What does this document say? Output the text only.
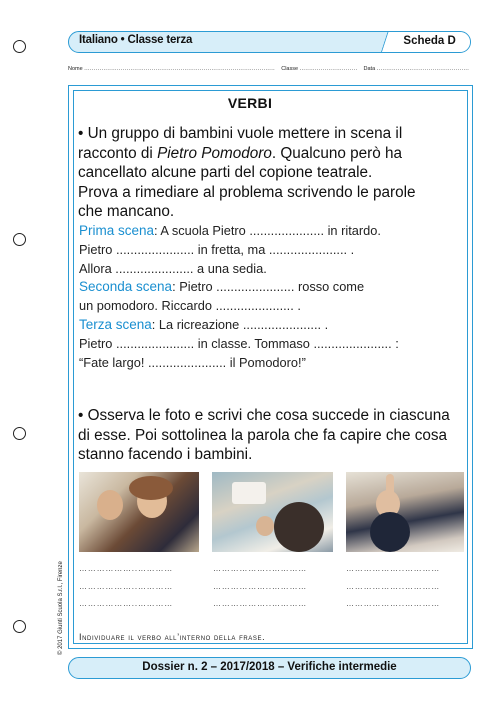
Italiano • Classe terza	Scheda D
Nome ................................................................................................... Classe .............................. Data ................................................
VERBI
• Un gruppo di bambini vuole mettere in scena il
racconto di Pietro Pomodoro. Qualcuno però ha
cancellato alcune parti del copione teatrale.
Prova a rimediare al problema scrivendo le parole
che mancano.
Prima scena: A scuola Pietro ..................... in ritardo.
Pietro ...................... in fretta, ma ...................... .
Allora ...................... a una sedia.
Seconda scena: Pietro ...................... rosso come
un pomodoro. Riccardo ...................... .
Terza scena: La ricreazione ...................... .
Pietro ...................... in classe. Tommaso ...................... :
“Fate largo! ...................... il Pomodoro!”
• Osserva le foto e scrivi che cosa succede in ciascuna
di esse. Poi sottolinea la parola che fa capire che cosa
stanno facendo i bambini.
………………..…………
………………..…………
………………..…………
………………..…………
………………..…………
………………..…………
………………..…………
………………..…………
………………..…………
Individuare il verbo all’interno della frase.
© 2017 Giunti Scuola S.r.l., Firenze
Dossier n. 2 – 2017/2018 – Verifiche intermedie
